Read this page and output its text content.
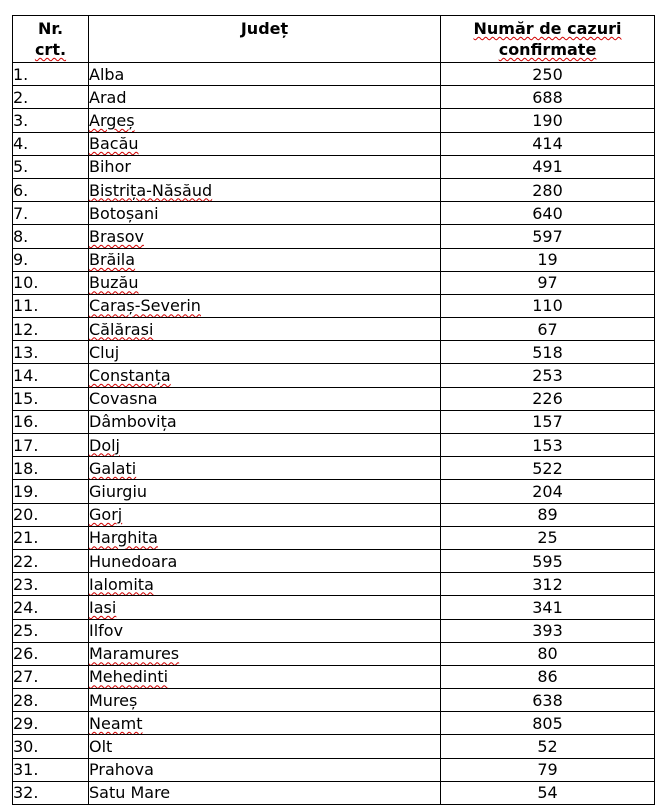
Nr.
crt.	Județ	Număr de cazuri
confirmate

1.	Alba	250
2.	Arad	688
3.	Argeș	190
4.	Bacău	414
5.	Bihor	491
6.	Bistrița-Năsăud	280
7.	Botoșani	640
8.	Brasov	597
9.	Brăila	19
10.	Buzău	97
11.	Caraș-Severin	110
12.	Călărasi	67
13.	Cluj	518
14.	Constanța	253
15.	Covasna	226
16.	Dâmbovița	157
17.	Dolj	153
18.	Galati	522
19.	Giurgiu	204
20.	Gorj	89
21.	Harghita	25
22.	Hunedoara	595
23.	Ialomita	312
24.	Iasi	341
25.	Ilfov	393
26.	Maramures	80
27.	Mehedinti	86
28.	Mureș	638
29.	Neamt	805
30.	Olt	52
31.	Prahova	79
32.	Satu Mare	54
